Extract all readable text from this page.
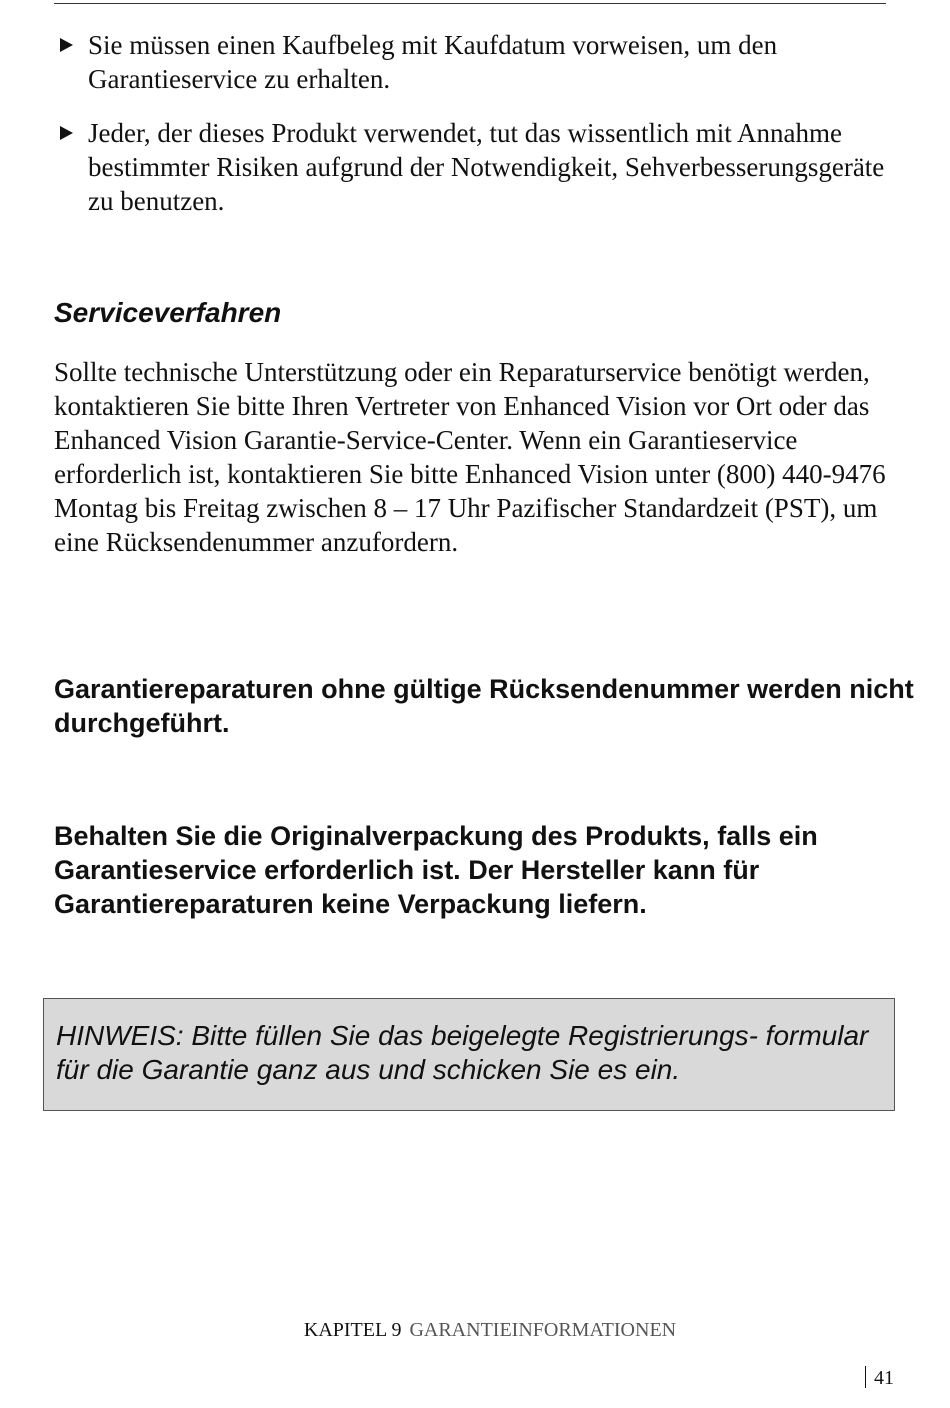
Sie müssen einen Kaufbeleg mit Kaufdatum vorweisen, um den Garantieservice zu erhalten.
Jeder, der dieses Produkt verwendet, tut das wissentlich mit Annahme bestimmter Risiken aufgrund der Notwendigkeit, Sehverbesserungsgeräte zu benutzen.
Serviceverfahren

Sollte technische Unterstützung oder ein Reparaturservice benötigt werden, kontaktieren Sie bitte Ihren Vertreter von Enhanced Vision vor Ort oder das Enhanced Vision Garantie-Service-Center. Wenn ein Garantieservice erforderlich ist, kontaktieren Sie bitte Enhanced Vision unter (800) 440-9476 Montag bis Freitag zwischen 8 – 17 Uhr Pazifischer Standardzeit (PST), um eine Rücksendenummer anzufordern.

Garantiereparaturen ohne gültige Rücksendenummer werden nicht durchgeführt.

Behalten Sie die Originalverpackung des Produkts, falls ein Garantieservice erforderlich ist. Der Hersteller kann für Garantiereparaturen keine Verpackung liefern.

HINWEIS: Bitte füllen Sie das beigelegte Registrierungs- formular für die Garantie ganz aus und schicken Sie es ein.

KAPITEL 9 GARANTIEINFORMATIONEN
41
